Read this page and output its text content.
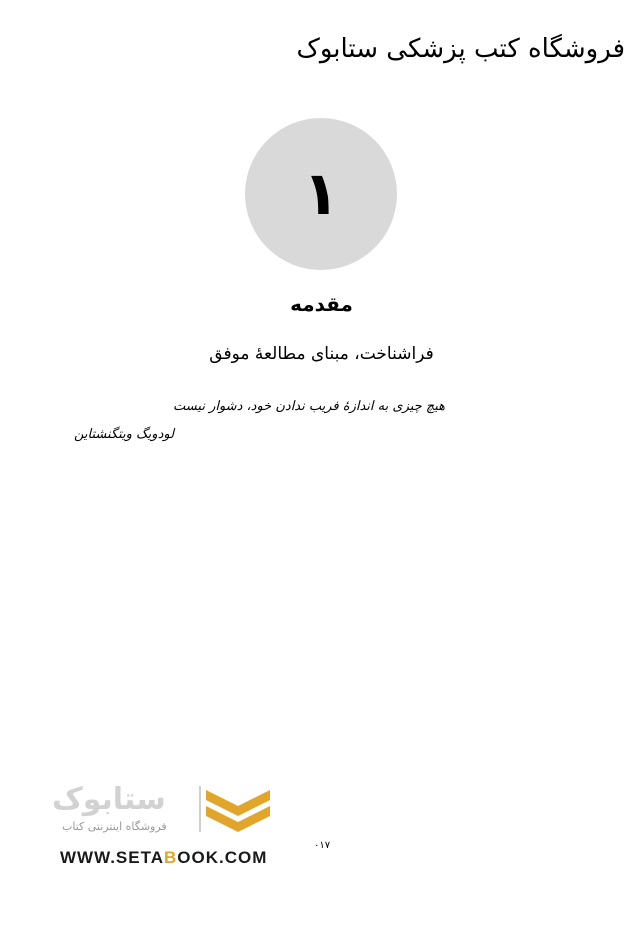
فروشگاه کتب پزشکی ستابوک
۱
مقدمه
فراشناخت، مبنای مطالعهٔ موفق
هیچ چیزی به اندازهٔ فریب ندادن خود، دشوار نیست
لودویگ ویتگنشتاین
ستابوک
فروشگاه اینترنتی کتاب
WWW.SETABOOK.COM
۰۱۷
